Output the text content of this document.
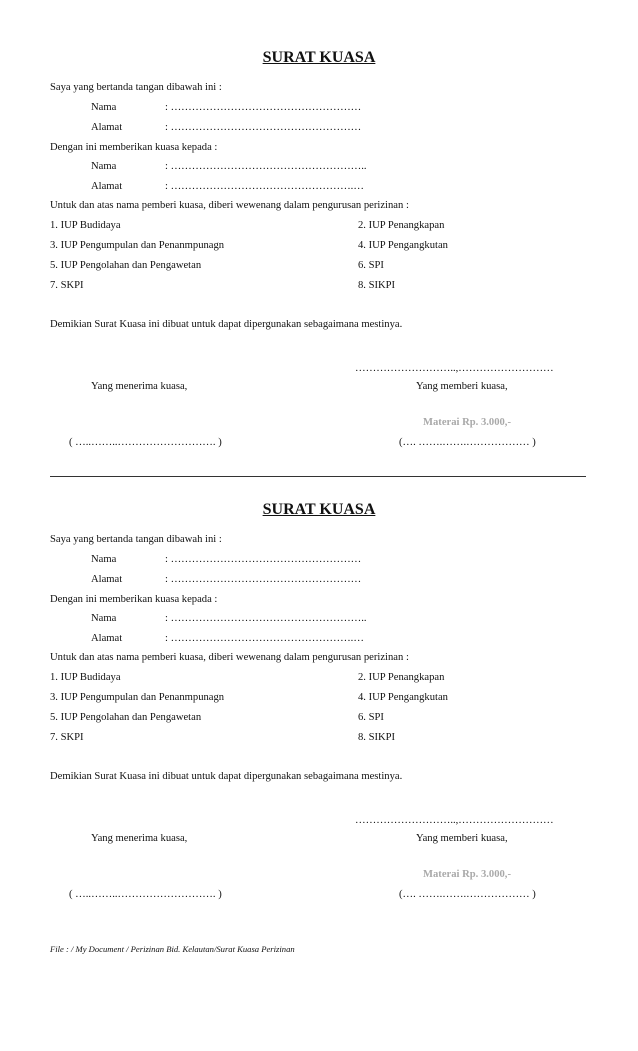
SURAT KUASA
Saya yang bertanda tangan dibawah ini :
Nama	: ………………………………………………
Alamat	: ………………………………………………
Dengan ini memberikan kuasa kepada :
Nama	: ………………………………………………..
Alamat	: …………………………………………….…
Untuk dan atas nama pemberi kuasa, diberi wewenang dalam pengurusan perizinan :
1. IUP Budidaya	2. IUP Penangkapan
3. IUP Pengumpulan dan Penanmpunagn	4. IUP Pengangkutan
5. IUP Pengolahan dan Pengawetan	6. SPI
7. SKPI	8. SIKPI
Demikian Surat Kuasa ini dibuat untuk dapat dipergunakan sebagaimana mestinya.
………………………..,………………………
Yang menerima kuasa,	Yang memberi kuasa,
Materai Rp. 3.000,-
( …..……..………………………. )	(…. …….…….……………… )
SURAT KUASA
Saya yang bertanda tangan dibawah ini :
Nama	: ………………………………………………
Alamat	: ………………………………………………
Dengan ini memberikan kuasa kepada :
Nama	: ………………………………………………..
Alamat	: …………………………………………….…
Untuk dan atas nama pemberi kuasa, diberi wewenang dalam pengurusan perizinan :
1. IUP Budidaya	2. IUP Penangkapan
3. IUP Pengumpulan dan Penanmpunagn	4. IUP Pengangkutan
5. IUP Pengolahan dan Pengawetan	6. SPI
7. SKPI	8. SIKPI
Demikian Surat Kuasa ini dibuat untuk dapat dipergunakan sebagaimana mestinya.
………………………..,………………………
Yang menerima kuasa,	Yang memberi kuasa,
Materai Rp. 3.000,-
( …..……..………………………. )	(…. …….…….……………… )
File : / My Document / Perizinan Bid. Kelautan/Surat Kuasa Perizinan
